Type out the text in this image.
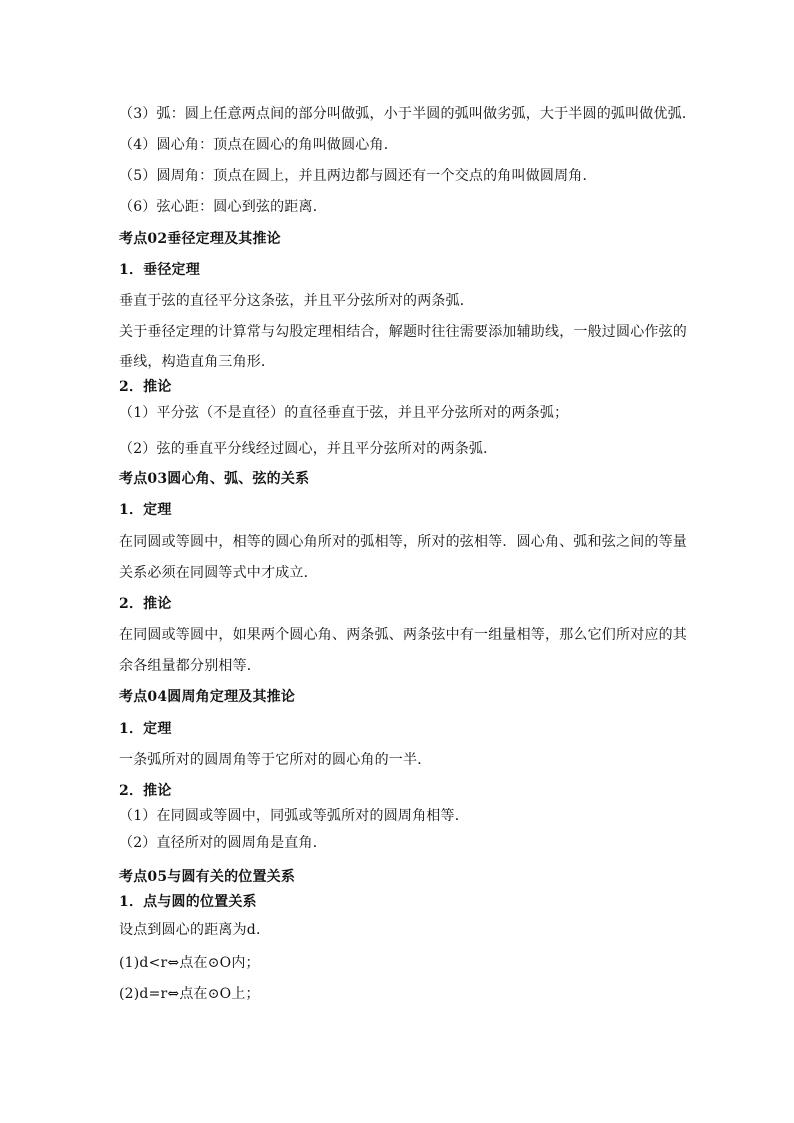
（3）弧：圆上任意两点间的部分叫做弧，小于半圆的弧叫做劣弧，大于半圆的弧叫做优弧．
（4）圆心角：顶点在圆心的角叫做圆心角．
（5）圆周角：顶点在圆上，并且两边都与圆还有一个交点的角叫做圆周角．
（6）弦心距：圆心到弦的距离．
考点02垂径定理及其推论
1．垂径定理
垂直于弦的直径平分这条弦，并且平分弦所对的两条弧．
关于垂径定理的计算常与勾股定理相结合，解题时往往需要添加辅助线，一般过圆心作弦的
垂线，构造直角三角形．
2．推论
（1）平分弦（不是直径）的直径垂直于弦，并且平分弦所对的两条弧；
（2）弦的垂直平分线经过圆心，并且平分弦所对的两条弧．
考点03圆心角、弧、弦的关系
1．定理
在同圆或等圆中，相等的圆心角所对的弧相等，所对的弦相等．圆心角、弧和弦之间的等量
关系必须在同圆等式中才成立．
2．推论
在同圆或等圆中，如果两个圆心角、两条弧、两条弦中有一组量相等，那么它们所对应的其
余各组量都分别相等．
考点04圆周角定理及其推论
1．定理
一条弧所对的圆周角等于它所对的圆心角的一半．
2．推论
（1）在同圆或等圆中，同弧或等弧所对的圆周角相等．
（2）直径所对的圆周角是直角．
考点05与圆有关的位置关系
1．点与圆的位置关系
设点到圆心的距离为d．
(1)d<r⇔点在⊙O内；
(2)d=r⇔点在⊙O上；
